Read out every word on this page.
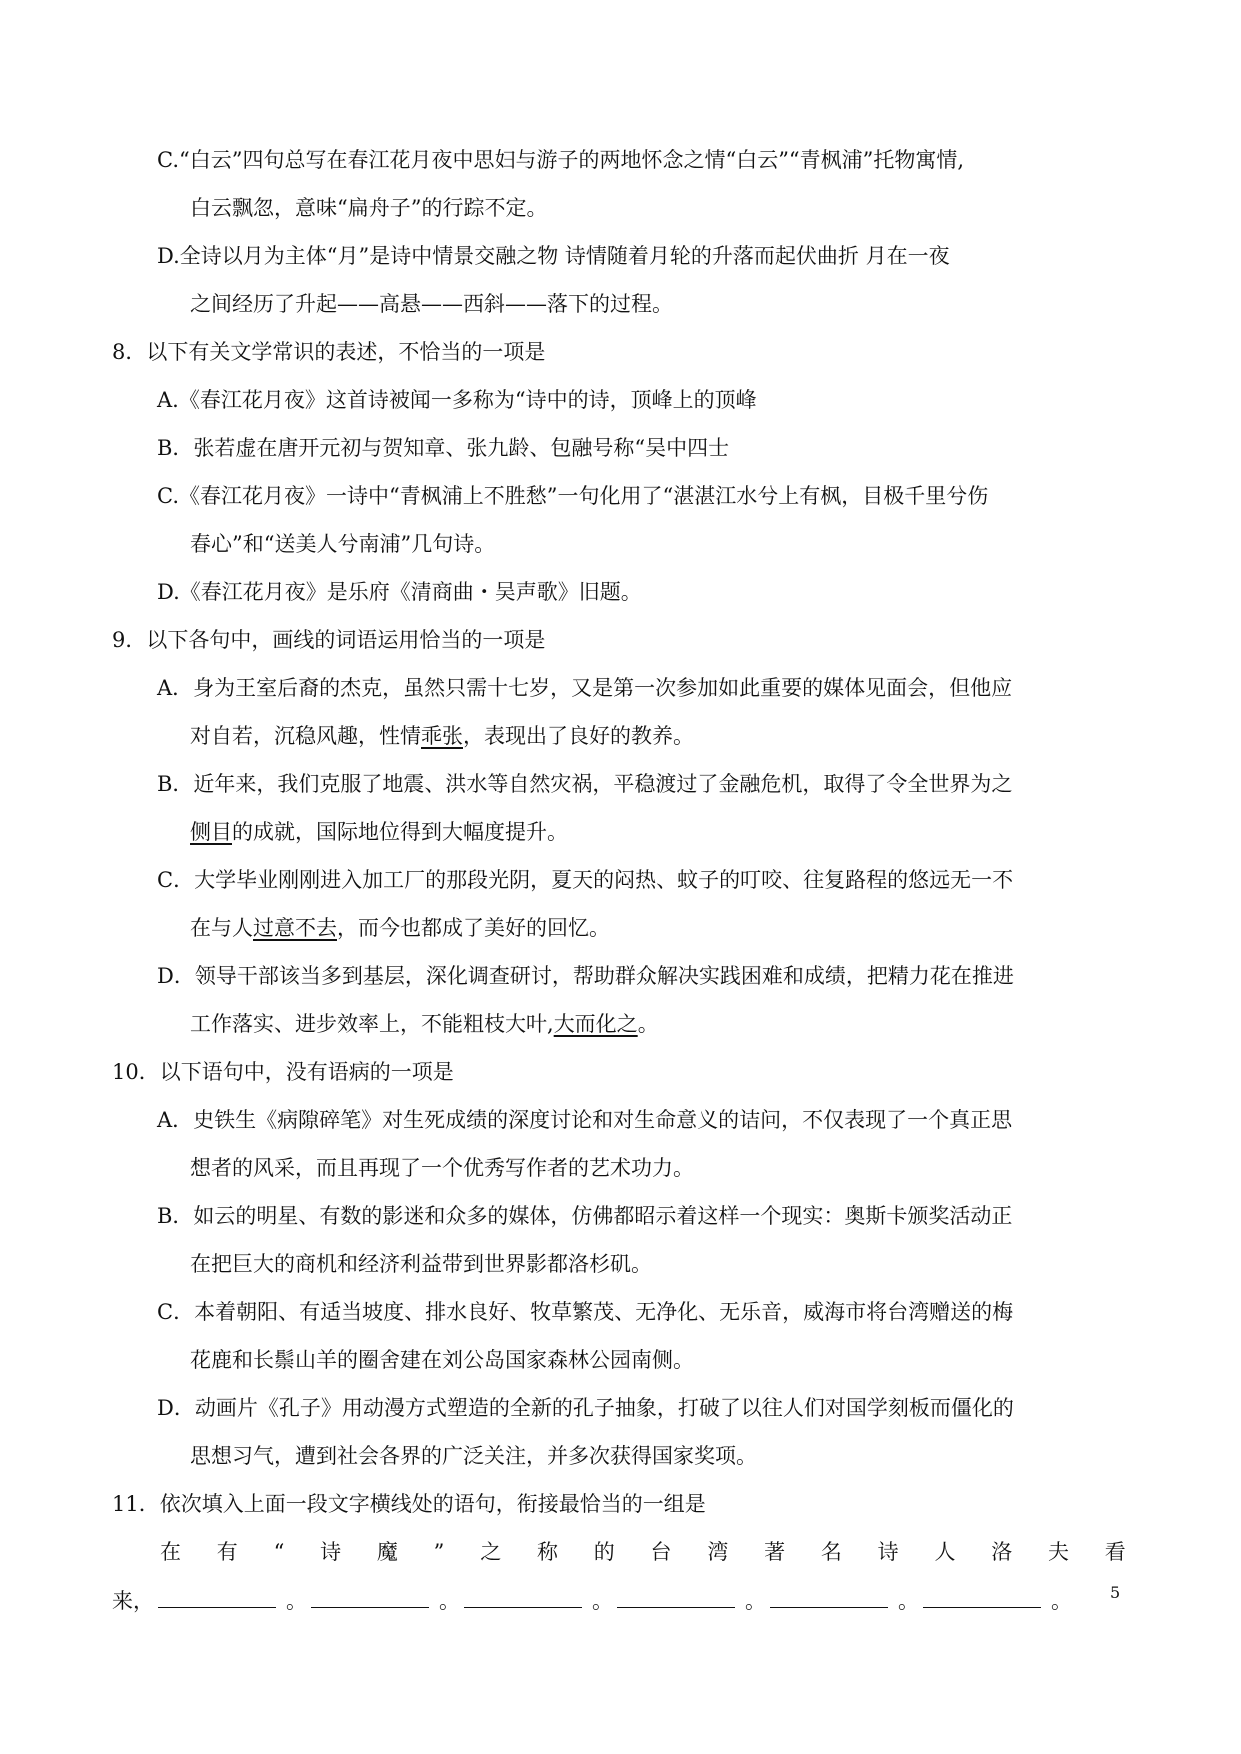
C.“白云”四句总写在春江花月夜中思妇与游子的两地怀念之情“白云”“青枫浦”托物寓情,
白云飘忽，意味“扁舟子”的行踪不定。
D.全诗以月为主体“月”是诗中情景交融之物 诗情随着月轮的升落而起伏曲折 月在一夜
之间经历了升起——高悬——西斜——落下的过程。
8．以下有关文学常识的表述，不恰当的一项是
A.《春江花月夜》这首诗被闻一多称为“诗中的诗，顶峰上的顶峰
B．张若虚在唐开元初与贺知章、张九龄、包融号称“吴中四士
C.《春江花月夜》一诗中“青枫浦上不胜愁”一句化用了“湛湛江水兮上有枫，目极千里兮伤
春心”和“送美人兮南浦”几句诗。
D.《春江花月夜》是乐府《清商曲・吴声歌》旧题。
9．以下各句中，画线的词语运用恰当的一项是
A．身为王室后裔的杰克，虽然只需十七岁，又是第一次参加如此重要的媒体见面会，但他应
对自若，沉稳风趣，性情乖张，表现出了良好的教养。
B．近年来，我们克服了地震、洪水等自然灾祸，平稳渡过了金融危机，取得了令全世界为之
侧目的成就，国际地位得到大幅度提升。
C．大学毕业刚刚进入加工厂的那段光阴，夏天的闷热、蚊子的叮咬、往复路程的悠远无一不
在与人过意不去，而今也都成了美好的回忆。
D．领导干部该当多到基层，深化调查研讨，帮助群众解决实践困难和成绩，把精力花在推进
工作落实、进步效率上，不能粗枝大叶,大而化之。
10．以下语句中，没有语病的一项是
A．史铁生《病隙碎笔》对生死成绩的深度讨论和对生命意义的诘问，不仅表现了一个真正思
想者的风采，而且再现了一个优秀写作者的艺术功力。
B．如云的明星、有数的影迷和众多的媒体，仿佛都昭示着这样一个现实：奥斯卡颁奖活动正
在把巨大的商机和经济利益带到世界影都洛杉矶。
C．本着朝阳、有适当坡度、排水良好、牧草繁茂、无净化、无乐音，威海市将台湾赠送的梅
花鹿和长鬃山羊的圈舍建在刘公岛国家森林公园南侧。
D．动画片《孔子》用动漫方式塑造的全新的孔子抽象，打破了以往人们对国学刻板而僵化的
思想习气，遭到社会各界的广泛关注，并多次获得国家奖项。
11．依次填入上面一段文字横线处的语句，衔接最恰当的一组是
在 有 “ 诗 魔 ” 之 称 的 台 湾 著 名 诗 人 洛 夫 看
来，	。	。	。	。	。	。 5
